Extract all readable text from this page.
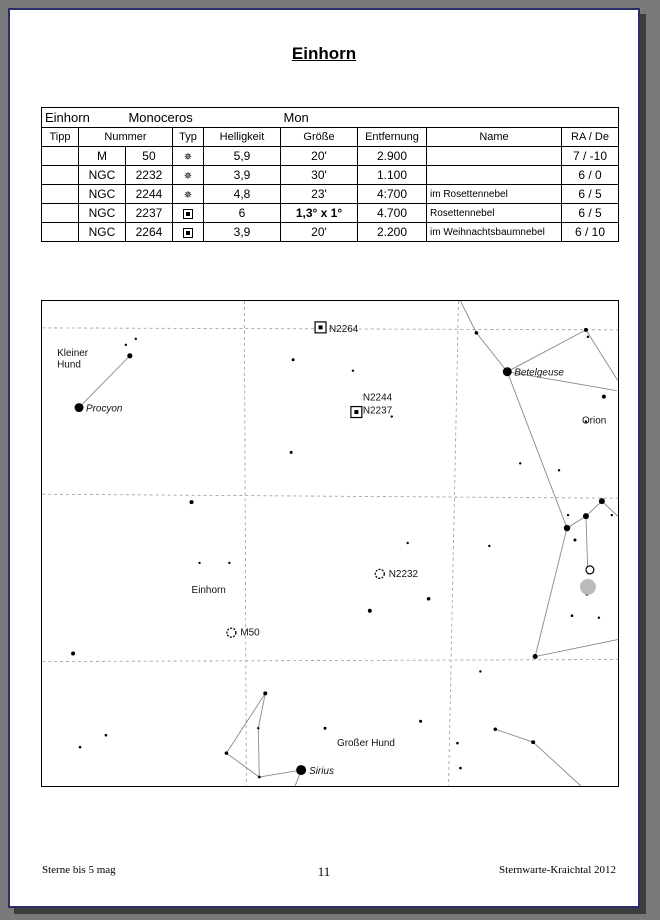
Einhorn
Einhorn		Monoceros			Mon			
Tipp	Nummer		Typ	Helligkeit	Größe	Entfernung	Name	RA / De
	M	50	✵	5,9	20'	2.900		7 / -10
	NGC	2232	✵	3,9	30'	1.100		6 / 0
	NGC	2244	✵	4,8	23'	4:700	im Rosettennebel	6 / 5
	NGC	2237		6	1,3° x 1°	4.700	Rosettennebel	6 / 5
	NGC	2264		3,9	20'	2.200	im Weihnachtsbaumnebel	6 / 10
Kleiner
Hund
Procyon
Betelgeuse
Orion
N2264
N2244
N2237
N2232
M50
Einhorn
Großer Hund
Sirius
Sterne bis 5 mag	11	Sternwarte-Kraichtal 2012
